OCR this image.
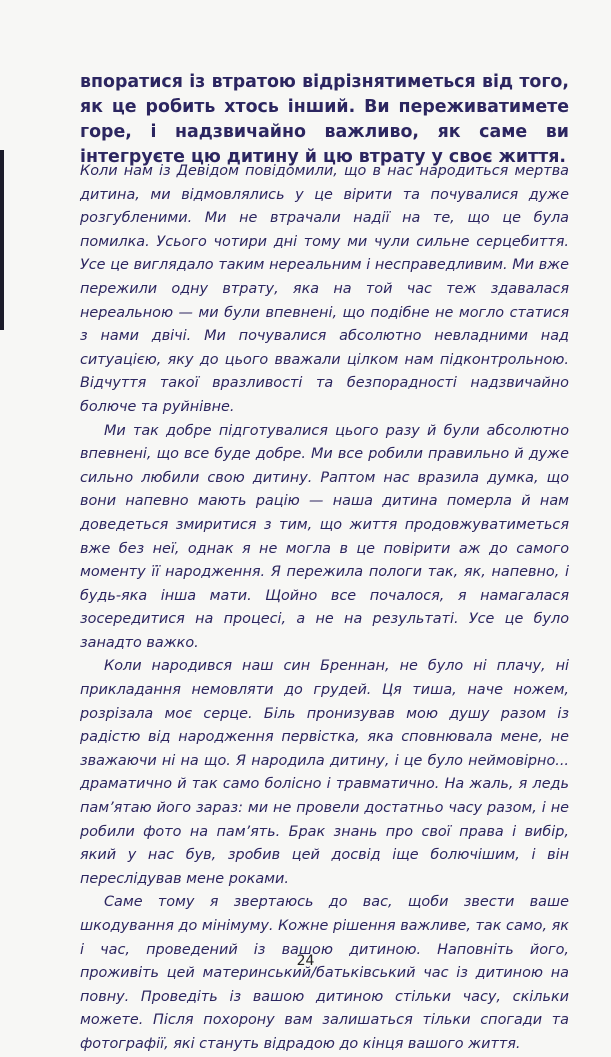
впоратися із втратою відрізнятиметься від того, як це робить хтось інший. Ви переживатимете горе, і надзвичайно важливо, як саме ви інтегруєте цю дитину й цю втрату у своє життя.

Коли нам із Девідом повідомили, що в нас народиться мертва дитина, ми відмовлялись у це вірити та почувалися дуже розгубленими. Ми не втрачали надії на те, що це була помилка. Усього чотири дні тому ми чули сильне серцебиття. Усе це виглядало таким нереальним і несправедливим. Ми вже пережили одну втрату, яка на той час теж здавалася нереальною — ми були впевнені, що подібне не могло статися з нами двічі. Ми почувалися абсолютно невладними над ситуацією, яку до цього вважали цілком нам підконтрольною. Відчуття такої вразливості та безпорадності надзвичайно болюче та руйнівне.

Ми так добре підготувалися цього разу й були абсолютно впевнені, що все буде добре. Ми все робили правильно й дуже сильно любили свою дитину. Раптом нас вразила думка, що вони напевно мають рацію — наша дитина померла й нам доведеться змиритися з тим, що життя продовжуватиметься вже без неї, однак я не могла в це повірити аж до самого моменту її народження. Я пережила пологи так, як, напевно, і будь-яка інша мати. Щойно все почалося, я намагалася зосередитися на процесі, а не на результаті. Усе це було занадто важко.

Коли народився наш син Бреннан, не було ні плачу, ні прикладання немовляти до грудей. Ця тиша, наче ножем, розрізала моє серце. Біль пронизував мою душу разом із радістю від народження первістка, яка сповнювала мене, не зважаючи ні на що. Я народила дитину, і це було неймовірно... драматично й так само болісно і травматично. На жаль, я ледь пам’ятаю його зараз: ми не провели достатньо часу разом, і не робили фото на пам’ять. Брак знань про свої права і вибір, який у нас був, зробив цей досвід іще болючішим, і він переслідував мене роками.

Саме тому я звертаюсь до вас, щоби звести ваше шкодування до мінімуму. Кожне рішення важливе, так само, як і час, проведений із вашою дитиною. Наповніть його, проживіть цей материнський/батьківський час із дитиною на повну. Проведіть із вашою дитиною стільки часу, скільки можете. Після похорону вам залишаться тільки спогади та фотографії, які стануть відрадою до кінця вашого життя.

24
